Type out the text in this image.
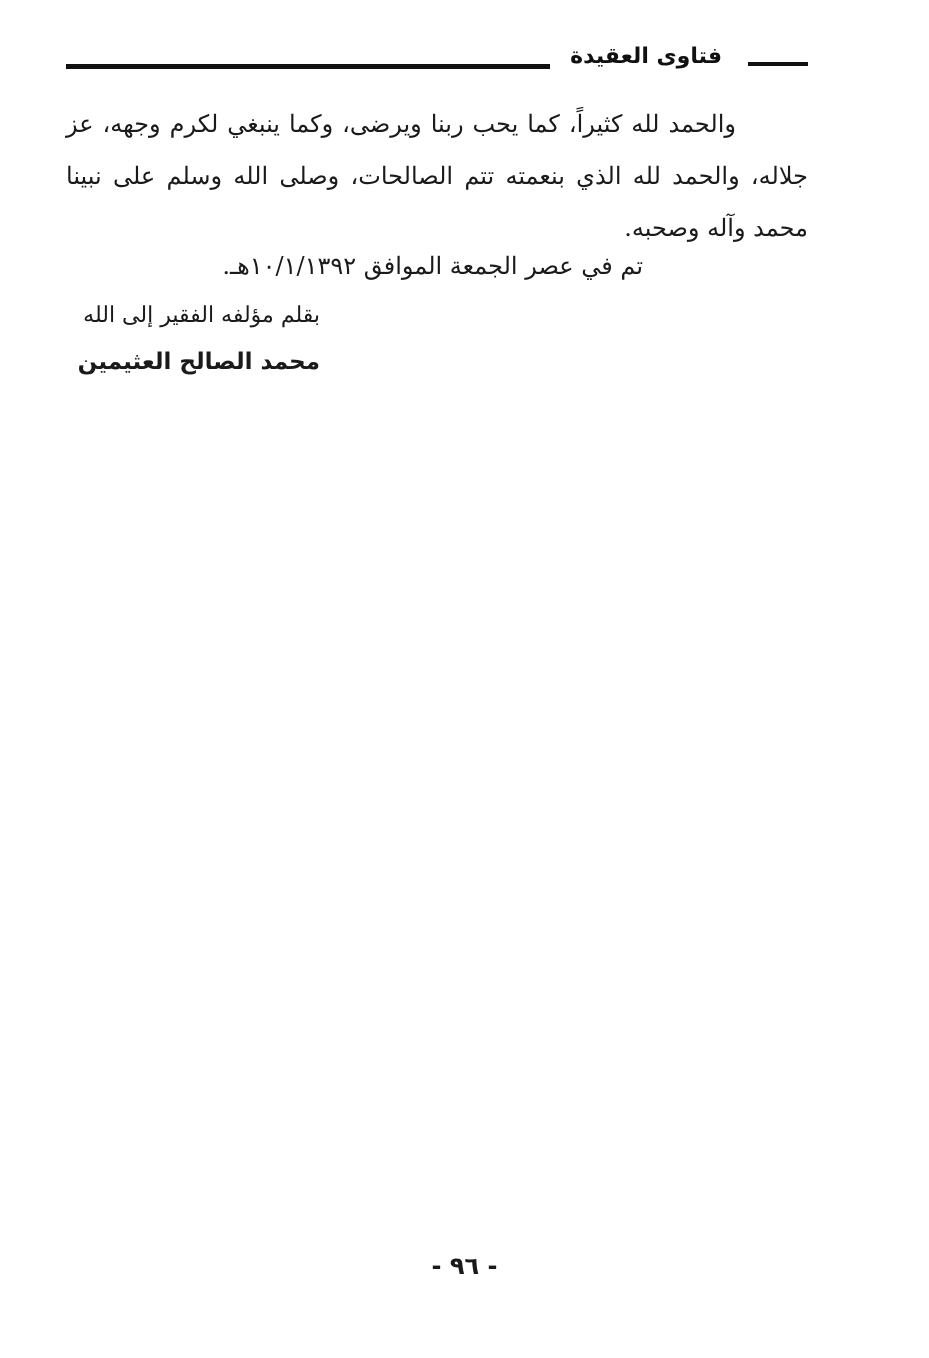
فتاوى العقيدة

والحمد لله كثيراً، كما يحب ربنا ويرضى، وكما ينبغي لكرم وجهه، عز جلاله، والحمد لله الذي بنعمته تتم الصالحات، وصلى الله وسلم على نبينا محمد وآله وصحبه.

تم في عصر الجمعة الموافق ١٠/١/١٣٩٢هـ.
بقلم مؤلفه الفقير إلى الله
محمد الصالح العثيمين
- ٩٦ -
